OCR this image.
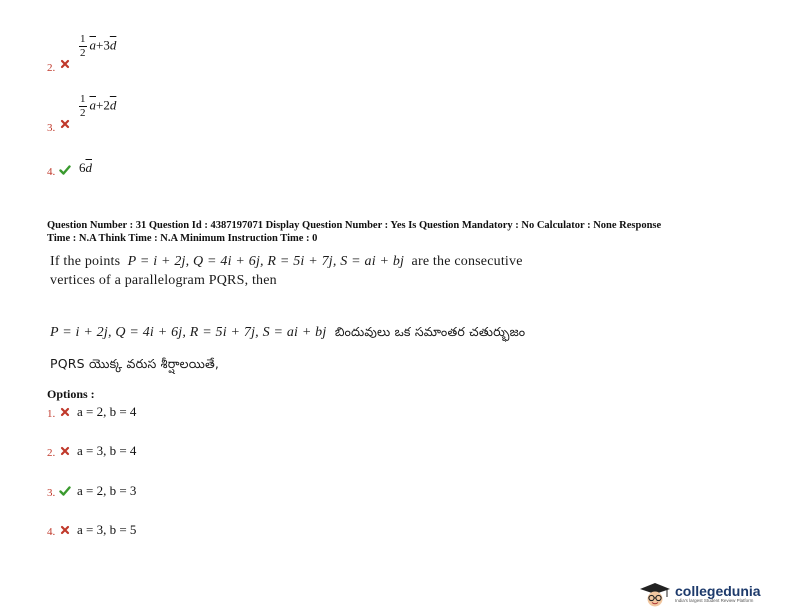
2.
$\frac{1}{2} \overline{a}+3\overline{d}$
3.
$\frac{1}{2} \overline{a}+2\overline{d}$
4. $6\overline{d}$
Question Number : 31 Question Id : 4387197071 Display Question Number : Yes Is Question Mandatory : No Calculator : None Response
Time : N.A Think Time : N.A Minimum Instruction Time : 0
If the points P = i + 2j, Q = 4i + 6j, R = 5i + 7j, S = ai + bj are the consecutive
vertices of a parallelogram PQRS, then
P = i + 2j, Q = 4i + 6j, R = 5i + 7j, S = ai + bj బిందువులు ఒక సమాంతర చతుర్భుజం
PQRS యొక్క వరుస శీర్షాలయితే,
Options :
1. a = 2, b = 4
2. a = 3, b = 4
3. a = 2, b = 3
4. a = 3, b = 5
collegedunia
India's largest Student Review Platform
